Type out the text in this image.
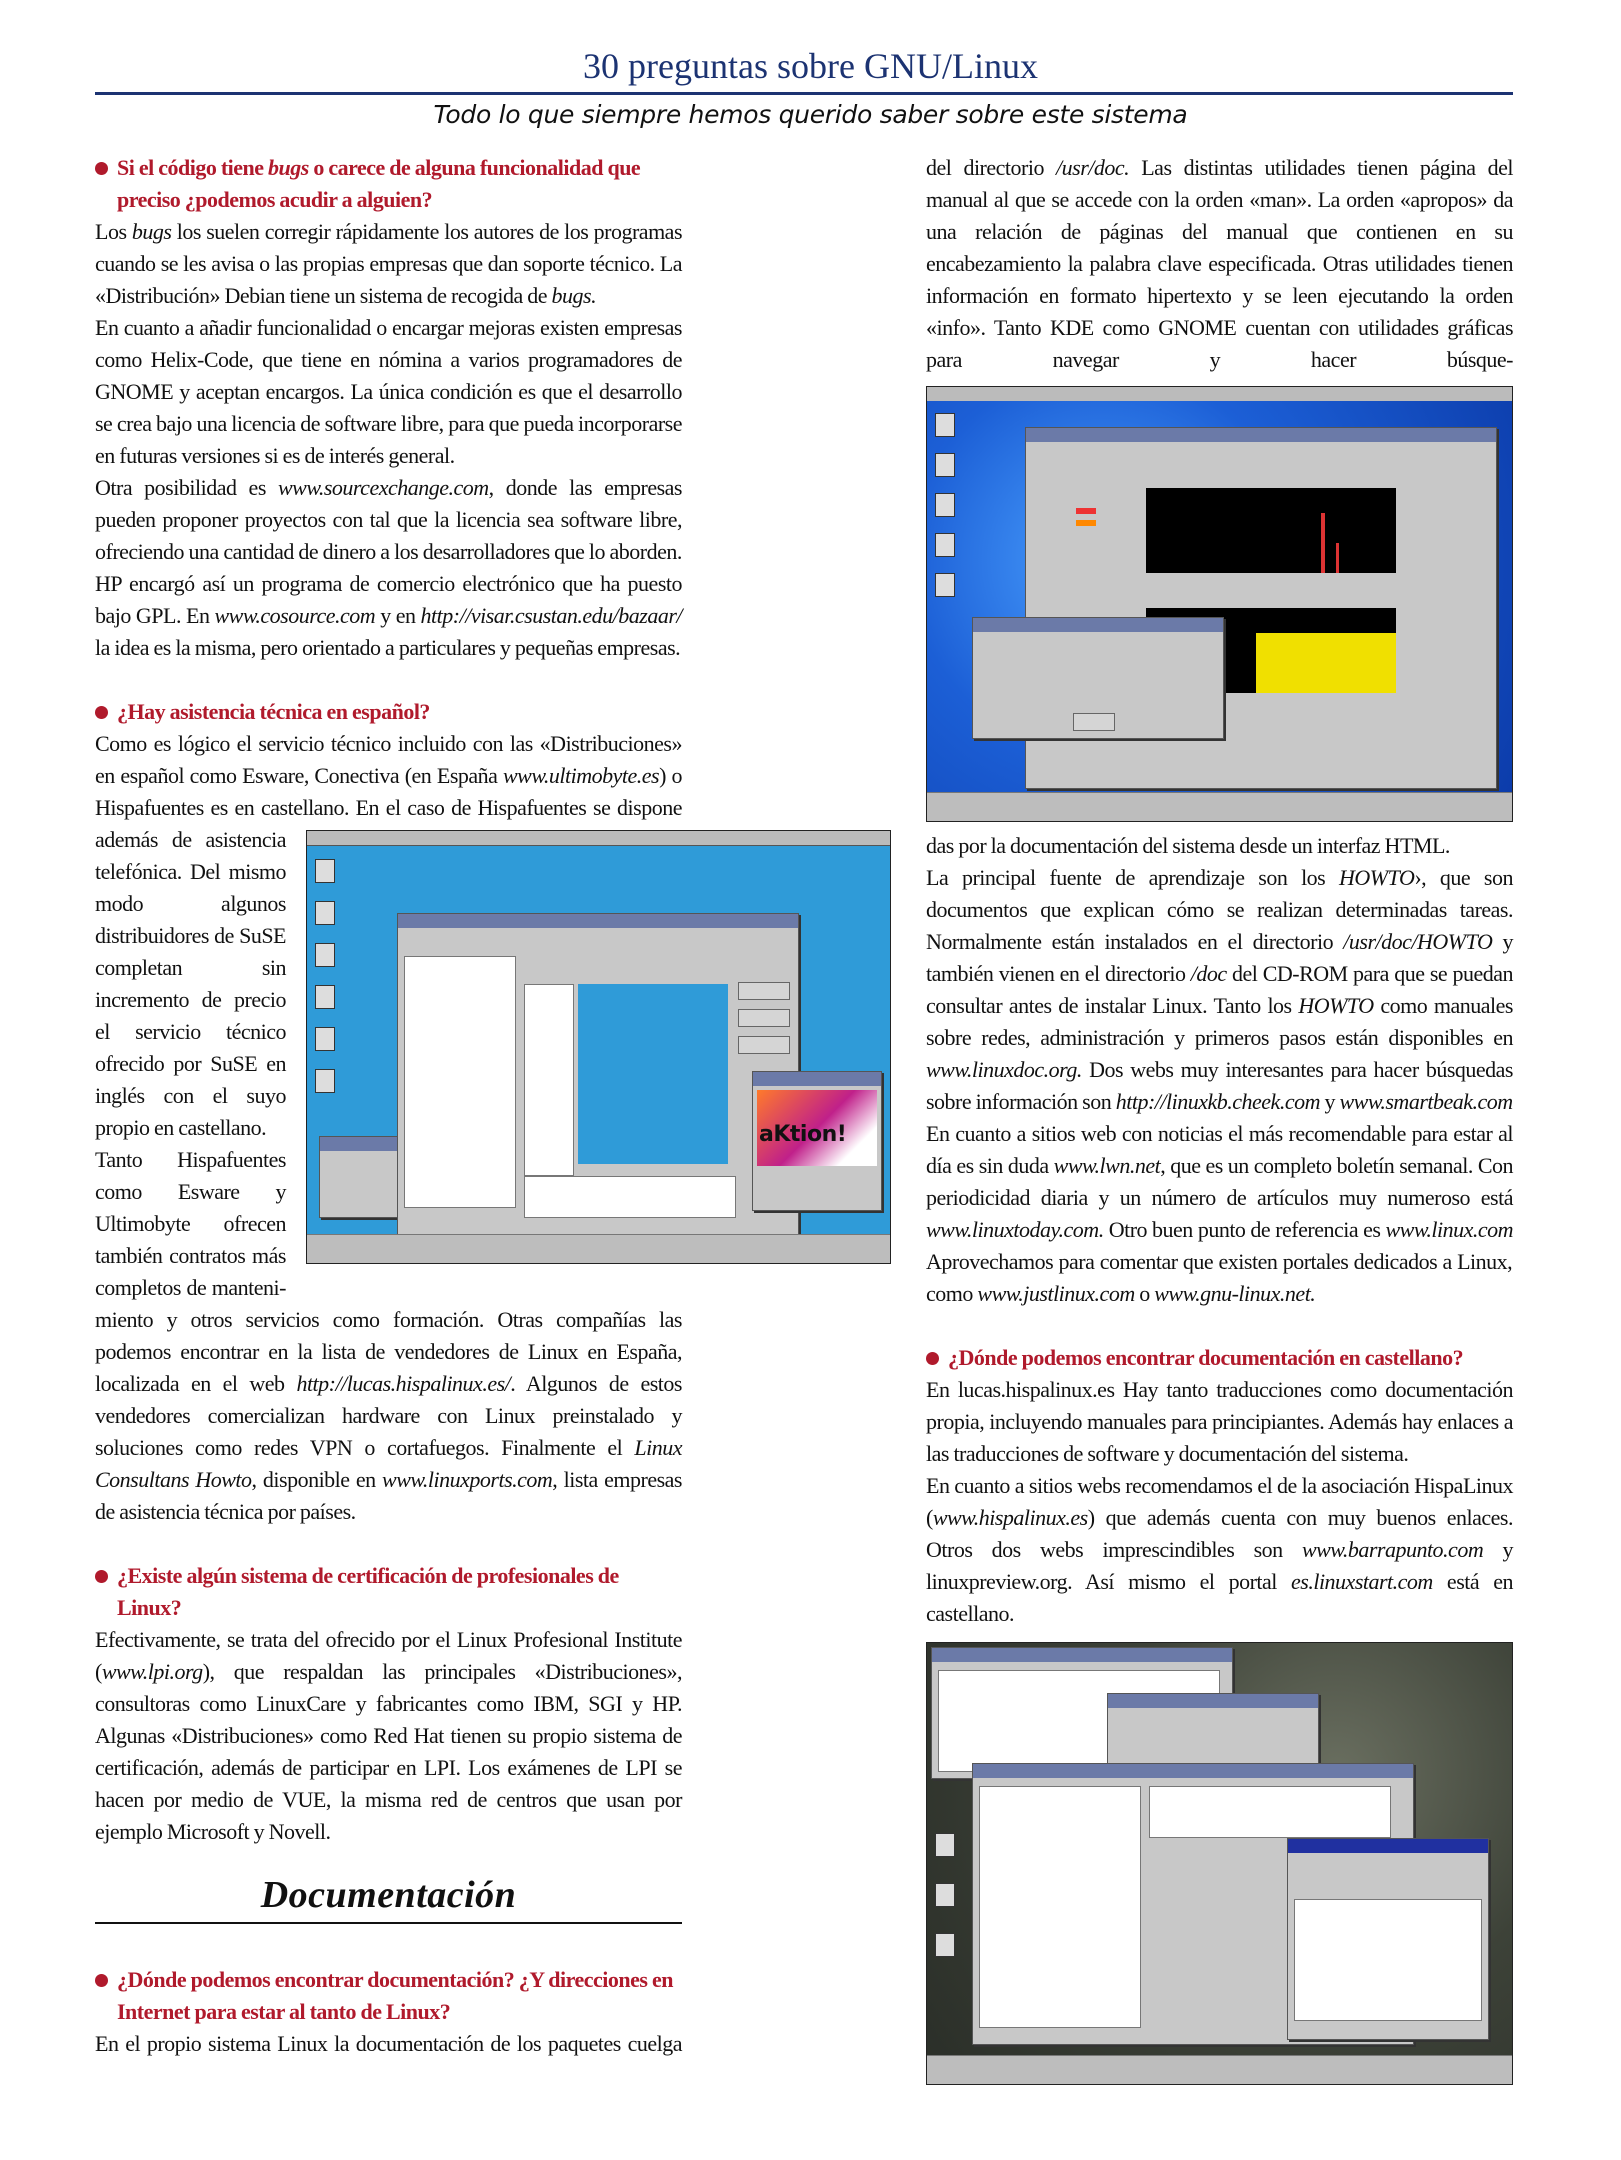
30 preguntas sobre GNU/Linux
Todo lo que siempre hemos querido saber sobre este sistema

Si el código tiene bugs o carece de alguna funcionalidad que preciso ¿podemos acudir a alguien?

Los bugs los suelen corregir rápidamente los autores de los programas cuando se les avisa o las propias empresas que dan soporte técnico. La «Distribución» Debian tiene un sistema de recogida de bugs.

En cuanto a añadir funcionalidad o encargar mejoras existen empresas como Helix-Code, que tiene en nómina a varios programadores de GNOME y aceptan encargos. La única condición es que el desarrollo se crea bajo una licencia de software libre, para que pueda incorporarse en futuras versiones si es de interés general.

Otra posibilidad es www.sourcexchange.com, donde las empresas pueden proponer proyectos con tal que la licencia sea software libre, ofreciendo una cantidad de dinero a los desarrolladores que lo aborden.

HP encargó así un programa de comercio electrónico que ha puesto bajo GPL. En www.cosource.com y en http://visar.csustan.edu/bazaar/ la idea es la misma, pero orientado a particulares y pequeñas empresas.

¿Hay asistencia técnica en español?

Como es lógico el servicio técnico incluido con las «Distribuciones» en español como Esware, Conectiva (en España www.ultimobyte.es) o Hispafuentes es en castellano. En el caso de Hispafuentes se dispone

además de asistencia telefónica. Del mismo modo algunos distribuidores de SuSE completan sin incremento de precio el servicio técnico ofrecido por SuSE en inglés con el suyo propio en castellano.

Tanto Hispafuentes como Esware y Ultimobyte ofrecen también contratos más completos de manteni-

aKtion!

miento y otros servicios como formación. Otras compañías las podemos encontrar en la lista de vendedores de Linux en España, localizada en el web http://lucas.hispalinux.es/. Algunos de estos vendedores comercializan hardware con Linux preinstalado y soluciones como redes VPN o cortafuegos. Finalmente el Linux Consultans Howto, disponible en www.linuxports.com, lista empresas de asistencia técnica por países.

¿Existe algún sistema de certificación de profesionales de Linux?

Efectivamente, se trata del ofrecido por el Linux Profesional Institute (www.lpi.org), que respaldan las principales «Distribuciones», consultoras como LinuxCare y fabricantes como IBM, SGI y HP. Algunas «Distribuciones» como Red Hat tienen su propio sistema de certificación, además de participar en LPI. Los exámenes de LPI se hacen por medio de VUE, la misma red de centros que usan por ejemplo Microsoft y Novell.

Documentación

¿Dónde podemos encontrar documentación? ¿Y direcciones en Internet para estar al tanto de Linux?

En el propio sistema Linux la documentación de los paquetes cuelga

del directorio /usr/doc. Las distintas utilidades tienen página del manual al que se accede con la orden «man». La orden «apropos» da una relación de páginas del manual que contienen en su encabezamiento la palabra clave especificada. Otras utilidades tienen información en formato hipertexto y se leen ejecutando la orden «info». Tanto KDE como GNOME cuentan con utilidades gráficas para navegar y hacer búsque-

das por la documentación del sistema desde un interfaz HTML.

La principal fuente de aprendizaje son los HOWTO›, que son documentos que explican cómo se realizan determinadas tareas. Normalmente están instalados en el directorio /usr/doc/HOWTO y también vienen en el directorio /doc del CD-ROM para que se puedan consultar antes de instalar Linux. Tanto los HOWTO como manuales sobre redes, administración y primeros pasos están disponibles en www.linuxdoc.org. Dos webs muy interesantes para hacer búsquedas sobre información son http://linuxkb.cheek.com y www.smartbeak.com

En cuanto a sitios web con noticias el más recomendable para estar al día es sin duda www.lwn.net, que es un completo boletín semanal. Con periodicidad diaria y un número de artículos muy numeroso está www.linuxtoday.com. Otro buen punto de referencia es www.linux.com Aprovechamos para comentar que existen portales dedicados a Linux, como www.justlinux.com o www.gnu-linux.net.

¿Dónde podemos encontrar documentación en castellano?

En lucas.hispalinux.es Hay tanto traducciones como documentación propia, incluyendo manuales para principiantes. Además hay enlaces a las traducciones de software y documentación del sistema.

En cuanto a sitios webs recomendamos el de la asociación HispaLinux (www.hispalinux.es) que además cuenta con muy buenos enlaces. Otros dos webs imprescindibles son www.barrapunto.com y linuxpreview.org. Así mismo el portal es.linuxstart.com está en castellano.
